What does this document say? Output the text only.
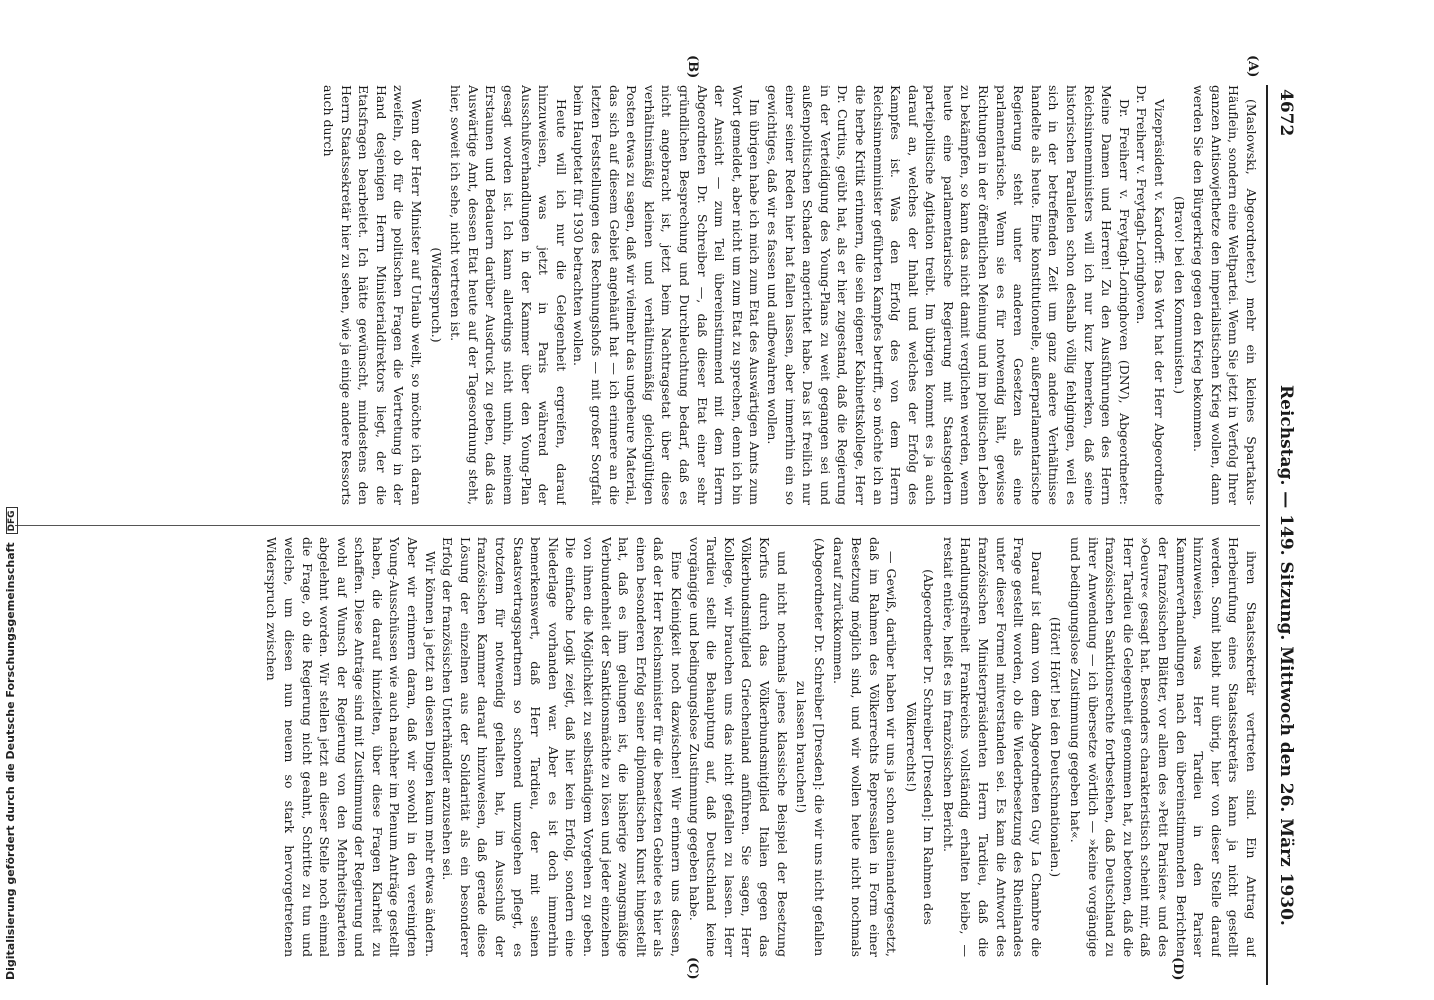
4672
Reichstag. — 149. Sitzung. Mittwoch den 26. März 1930.

(Maslowski, Abgeordneter.) mehr ein kleines Spartakus-Häuflein, sondern eine Weltpartei. Wenn Sie jetzt in Verfolg Ihrer ganzen Antisowjethetze den imperialistischen Krieg wollen, dann werden Sie den Bürgerkrieg gegen den Krieg bekommen.

(Bravo! bei den Kommunisten.)

Vizepräsident v. Kardorff: Das Wort hat der Herr Abgeordnete Dr. Freiherr v. Freytagh-Loringhoven.

Dr. Freiherr v. Freytagh-Loringhoven (DNV), Abgeordneter: Meine Damen und Herren! Zu den Ausführungen des Herrn Reichsinnenministers will ich nur kurz bemerken, daß seine historischen Parallelen schon deshalb völlig fehlgingen, weil es sich in der betreffenden Zeit um ganz andere Verhältnisse handelte als heute. Eine konstitutionelle, außerparlamentarische Regierung steht unter anderen Gesetzen als eine parlamentarische. Wenn sie es für notwendig hält, gewisse Richtungen in der öffentlichen Meinung und im politischen Leben zu bekämpfen, so kann das nicht damit verglichen werden, wenn heute eine parlamentarische Regierung mit Staatsgeldern parteipolitische Agitation treibt. Im übrigen kommt es ja auch darauf an, welches der Inhalt und welches der Erfolg des Kampfes ist. Was den Erfolg des von dem Herrn Reichsinnenminister geführten Kampfes betrifft, so möchte ich an die herbe Kritik erinnern, die sein eigener Kabinettskollege, Herr Dr. Curtius, geübt hat, als er hier zugestand, daß die Regierung in der Verteidigung des Young-Plans zu weit gegangen sei und außenpolitischen Schaden angerichtet habe. Das ist freilich nur einer seiner Reden hier hat fallen lassen, aber immerhin ein so gewichtiges, daß wir es fassen und aufbewahren wollen.

Im übrigen habe ich mich zum Etat des Auswärtigen Amts zum Wort gemeldet, aber nicht um zum Etat zu sprechen, denn ich bin der Ansicht — zum Teil übereinstimmend mit dem Herrn Abgeordneten Dr. Schreiber —, daß dieser Etat einer sehr gründlichen Besprechung und Durchleuchtung bedarf, daß es nicht angebracht ist, jetzt beim Nachtragsetat über diese verhältnismäßig kleinen und verhältnismäßig gleichgültigen Posten etwas zu sagen, daß wir vielmehr das ungeheure Material, das sich auf diesem Gebiet angehäuft hat — ich erinnere an die letzten Feststellungen des Rechnungshofs — mit großer Sorgfalt beim Hauptetat für 1930 betrachten wollen.

Heute will ich nur die Gelegenheit ergreifen, darauf hinzuweisen, was jetzt in Paris während der Ausschußverhandlungen in der Kammer über den Young-Plan gesagt worden ist. Ich kann allerdings nicht umhin, meinem Erstaunen und Bedauern darüber Ausdruck zu geben, daß das Auswärtige Amt, dessen Etat heute auf der Tagesordnung steht, hier, soweit ich sehe, nicht vertreten ist.

(Widerspruch.)

Wenn der Herr Minister auf Urlaub weilt, so möchte ich daran zweifeln, ob für die politischen Fragen die Vertretung in der Hand desjenigen Herrn Ministerialdirektors liegt, der die Etatsfragen bearbeitet. Ich hätte gewünscht, mindestens den Herrn Staatssekretär hier zu sehen, wie ja einige andere Ressorts auch durch

ihren Staatssekretär vertreten sind. Ein Antrag auf Herbeirufung eines Staatssekretärs kann ja nicht gestellt werden. Somit bleibt nur übrig, hier von dieser Stelle darauf hinzuweisen, was Herr Tardieu in den Pariser Kammerverhandlungen nach den übereinstimmenden Berichten der französischen Blätter, vor allem des »Petit Parisien« und des »Oeuvre« gesagt hat. Besonders charakteristisch scheint mir, daß Herr Tardieu die Gelegenheit genommen hat, zu betonen, daß die französischen Sanktionsrechte fortbestehen, daß Deutschland zu ihrer Anwendung — ich übersetze wörtlich — »keine vorgängige und bedingungslose Zustimmung gegeben hat«.

(Hört! Hört! bei den Deutschnationalen.)

Darauf ist dann von dem Abgeordneten Guy La Chambre die Frage gestellt worden, ob die Wiederbesetzung des Rheinlandes unter dieser Formel mitverstanden sei. Es kam die Antwort des französischen Ministerpräsidenten Herrn Tardieu, daß die Handlungsfreiheit Frankreichs vollständig erhalten bleibe, — restait entière, heißt es im französischen Bericht.

(Abgeordneter Dr. Schreiber [Dresden]: Im Rahmen des Völkerrechts!)

— Gewiß, darüber haben wir uns ja schon auseinandergesetzt, daß im Rahmen des Völkerrechts Repressalien in Form einer Besetzung möglich sind, und wir wollen heute nicht nochmals darauf zurückkommen.

(Abgeordneter Dr. Schreiber [Dresden]: die wir uns nicht gefallen zu lassen brauchen!)

und nicht nochmals jenes klassische Beispiel der Besetzung Korfus durch das Völkerbundsmitglied Italien gegen das Völkerbundsmitglied Griechenland anführen. Sie sagen, Herr Kollege, wir brauchen uns das nicht gefallen zu lassen. Herr Tardieu stellt die Behauptung auf, daß Deutschland keine vorgängige und bedingungslose Zustimmung gegeben habe.

Eine Kleinigkeit noch dazwischen! Wir erinnern uns dessen, daß der Herr Reichsminister für die besetzten Gebiete es hier als einen besonderen Erfolg seiner diplomatischen Kunst hingestellt hat, daß es ihm gelungen ist, die bisherige zwangsmäßige Verbundenheit der Sanktionsmächte zu lösen und jeder einzelnen von ihnen die Möglichkeit zu selbständigem Vorgehen zu geben. Die einfache Logik zeigt, daß hier kein Erfolg, sondern eine Niederlage vorhanden war. Aber es ist doch immerhin bemerkenswert, daß Herr Tardieu, der mit seinen Staatsvertragspartnern so schonend umzugehen pflegt, es trotzdem für notwendig gehalten hat, im Ausschuß der französischen Kammer darauf hinzuweisen, daß gerade diese Lösung der einzelnen aus der Solidarität als ein besonderer Erfolg der französischen Unterhändler anzusehen sei.

Wir können ja jetzt an diesen Dingen kaum mehr etwas ändern. Aber wir erinnern daran, daß wir sowohl in den vereinigten Young-Ausschüssen wie auch nachher im Plenum Anträge gestellt haben, die darauf hinzielten, über diese Fragen Klarheit zu schaffen. Diese Anträge sind mit Zustimmung der Regierung und wohl auf Wunsch der Regierung von den Mehrheitsparteien abgelehnt worden. Wir stellen jetzt an dieser Stelle noch einmal die Frage, ob die Regierung nicht geahnt, Schritte zu tun und welche, um diesen nun neuem so stark hervorgetretenen Widerspruch zwischen

(A)
(B)
(C)	(D)
Digitalisierung gefördert durch die Deutsche Forschungsgemeinschaft DFG
